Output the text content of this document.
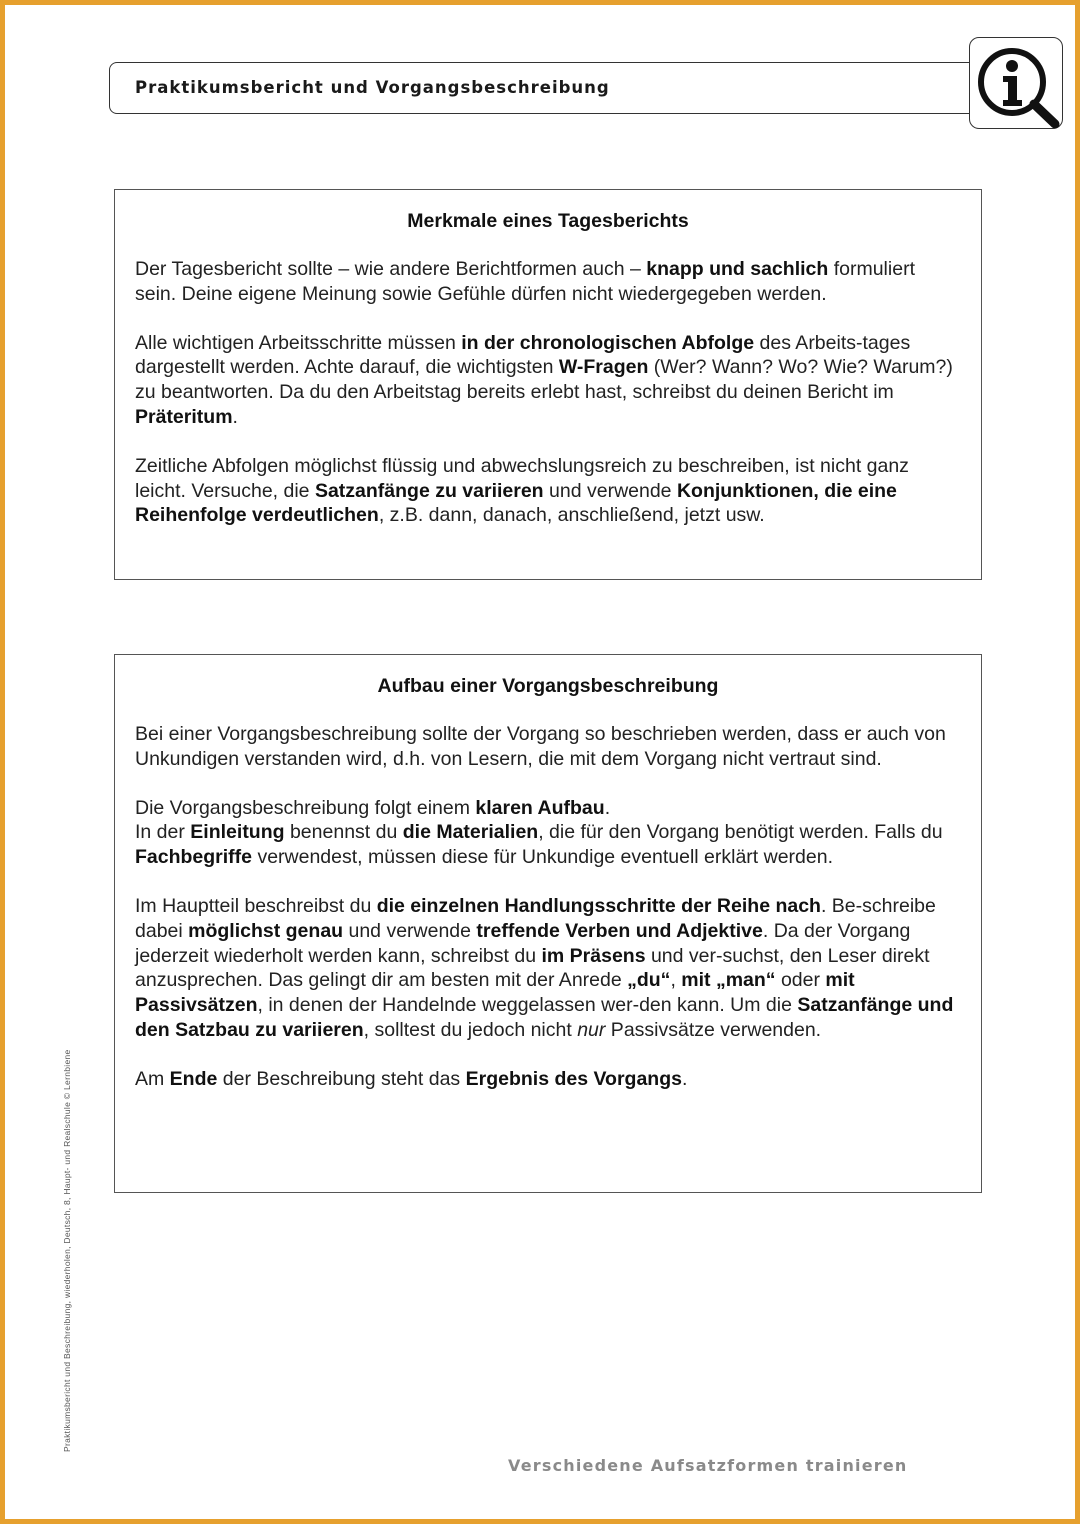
Praktikumsbericht und Vorgangsbeschreibung
Merkmale eines Tagesberichts

Der Tagesbericht sollte – wie andere Berichtformen auch – knapp und sachlich formuliert sein. Deine eigene Meinung sowie Gefühle dürfen nicht wiedergegeben werden.

Alle wichtigen Arbeitsschritte müssen in der chronologischen Abfolge des Arbeits-tages dargestellt werden. Achte darauf, die wichtigsten W-Fragen (Wer? Wann? Wo? Wie? Warum?) zu beantworten. Da du den Arbeitstag bereits erlebt hast, schreibst du deinen Bericht im Präteritum.

Zeitliche Abfolgen möglichst flüssig und abwechslungsreich zu beschreiben, ist nicht ganz leicht. Versuche, die Satzanfänge zu variieren und verwende Konjunktionen, die eine Reihenfolge verdeutlichen, z.B. dann, danach, anschließend, jetzt usw.

Aufbau einer Vorgangsbeschreibung

Bei einer Vorgangsbeschreibung sollte der Vorgang so beschrieben werden, dass er auch von Unkundigen verstanden wird, d.h. von Lesern, die mit dem Vorgang nicht vertraut sind.

Die Vorgangsbeschreibung folgt einem klaren Aufbau.
In der Einleitung benennst du die Materialien, die für den Vorgang benötigt werden. Falls du Fachbegriffe verwendest, müssen diese für Unkundige eventuell erklärt werden.

Im Hauptteil beschreibst du die einzelnen Handlungsschritte der Reihe nach. Be-schreibe dabei möglichst genau und verwende treffende Verben und Adjektive. Da der Vorgang jederzeit wiederholt werden kann, schreibst du im Präsens und ver-suchst, den Leser direkt anzusprechen. Das gelingt dir am besten mit der Anrede „du“, mit „man“ oder mit Passivsätzen, in denen der Handelnde weggelassen wer-den kann. Um die Satzanfänge und den Satzbau zu variieren, solltest du jedoch nicht nur Passivsätze verwenden.

Am Ende der Beschreibung steht das Ergebnis des Vorgangs.

Praktikumsbericht und Beschreibung, wiederholen, Deutsch, 8, Haupt- und Realschule © Lernbiene
Verschiedene Aufsatzformen trainieren
